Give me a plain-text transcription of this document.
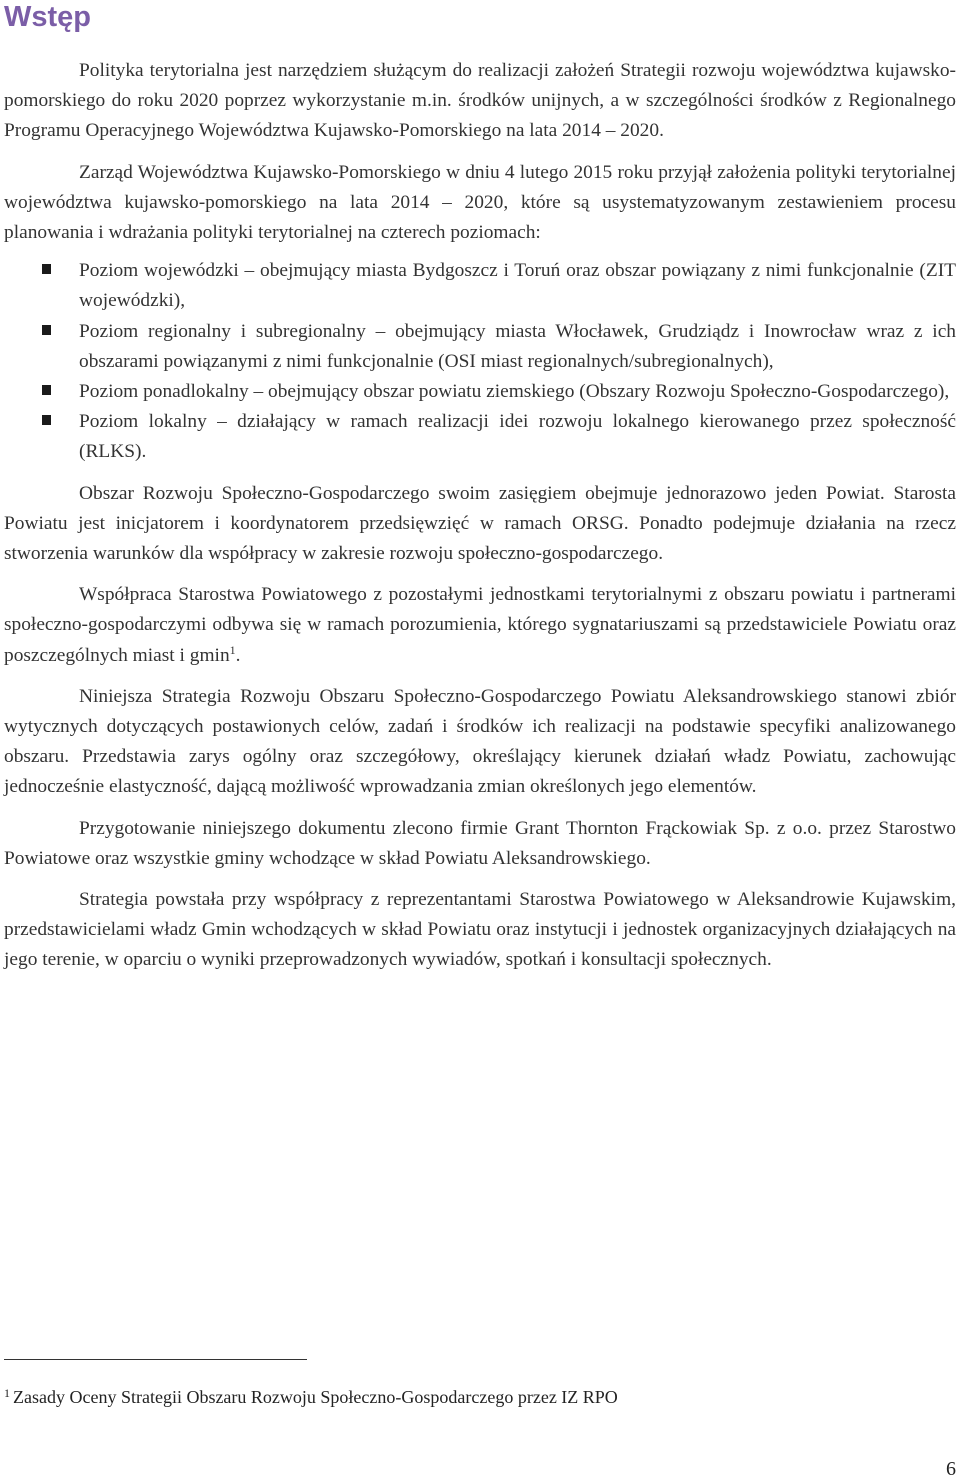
Wstęp

Polityka terytorialna jest narzędziem służącym do realizacji założeń Strategii rozwoju województwa kujawsko-pomorskiego do roku 2020 poprzez wykorzystanie m.in. środków unijnych, a w szczególności środków z Regionalnego Programu Operacyjnego Województwa Kujawsko-Pomorskiego na lata 2014 – 2020.

Zarząd Województwa Kujawsko-Pomorskiego w dniu 4 lutego 2015 roku przyjął założenia polityki terytorialnej województwa kujawsko-pomorskiego na lata 2014 – 2020, które są usystematyzowanym zestawieniem procesu planowania i wdrażania polityki terytorialnej na czterech poziomach:

Poziom wojewódzki – obejmujący miasta Bydgoszcz i Toruń oraz obszar powiązany z nimi funkcjonalnie (ZIT wojewódzki),
Poziom regionalny i subregionalny – obejmujący miasta Włocławek, Grudziądz i Inowrocław wraz z ich obszarami powiązanymi z nimi funkcjonalnie (OSI miast regionalnych/subregionalnych),
Poziom ponadlokalny – obejmujący obszar powiatu ziemskiego (Obszary Rozwoju Społeczno-Gospodarczego),
Poziom lokalny – działający w ramach realizacji idei rozwoju lokalnego kierowanego przez społeczność (RLKS).

Obszar Rozwoju Społeczno-Gospodarczego swoim zasięgiem obejmuje jednorazowo jeden Powiat. Starosta Powiatu jest inicjatorem i koordynatorem przedsięwzięć w ramach ORSG. Ponadto podejmuje działania na rzecz stworzenia warunków dla współpracy w zakresie rozwoju społeczno-gospodarczego.

Współpraca Starostwa Powiatowego z pozostałymi jednostkami terytorialnymi z obszaru powiatu i partnerami społeczno-gospodarczymi odbywa się w ramach porozumienia, którego sygnatariuszami są przedstawiciele Powiatu oraz poszczególnych miast i gmin$^1$.

Niniejsza Strategia Rozwoju Obszaru Społeczno-Gospodarczego Powiatu Aleksandrowskiego stanowi zbiór wytycznych dotyczących postawionych celów, zadań i środków ich realizacji na podstawie specyfiki analizowanego obszaru. Przedstawia zarys ogólny oraz szczegółowy, określający kierunek działań władz Powiatu, zachowując jednocześnie elastyczność, dającą możliwość wprowadzania zmian określonych jego elementów.

Przygotowanie niniejszego dokumentu zlecono firmie Grant Thornton Frąckowiak Sp. z o.o. przez Starostwo Powiatowe oraz wszystkie gminy wchodzące w skład Powiatu Aleksandrowskiego.

Strategia powstała przy współpracy z reprezentantami Starostwa Powiatowego w Aleksandrowie Kujawskim, przedstawicielami władz Gmin wchodzących w skład Powiatu oraz instytucji i jednostek organizacyjnych działających na jego terenie, w oparciu o wyniki przeprowadzonych wywiadów, spotkań i konsultacji społecznych.

$^1$ Zasady Oceny Strategii Obszaru Rozwoju Społeczno-Gospodarczego przez IZ RPO
6
